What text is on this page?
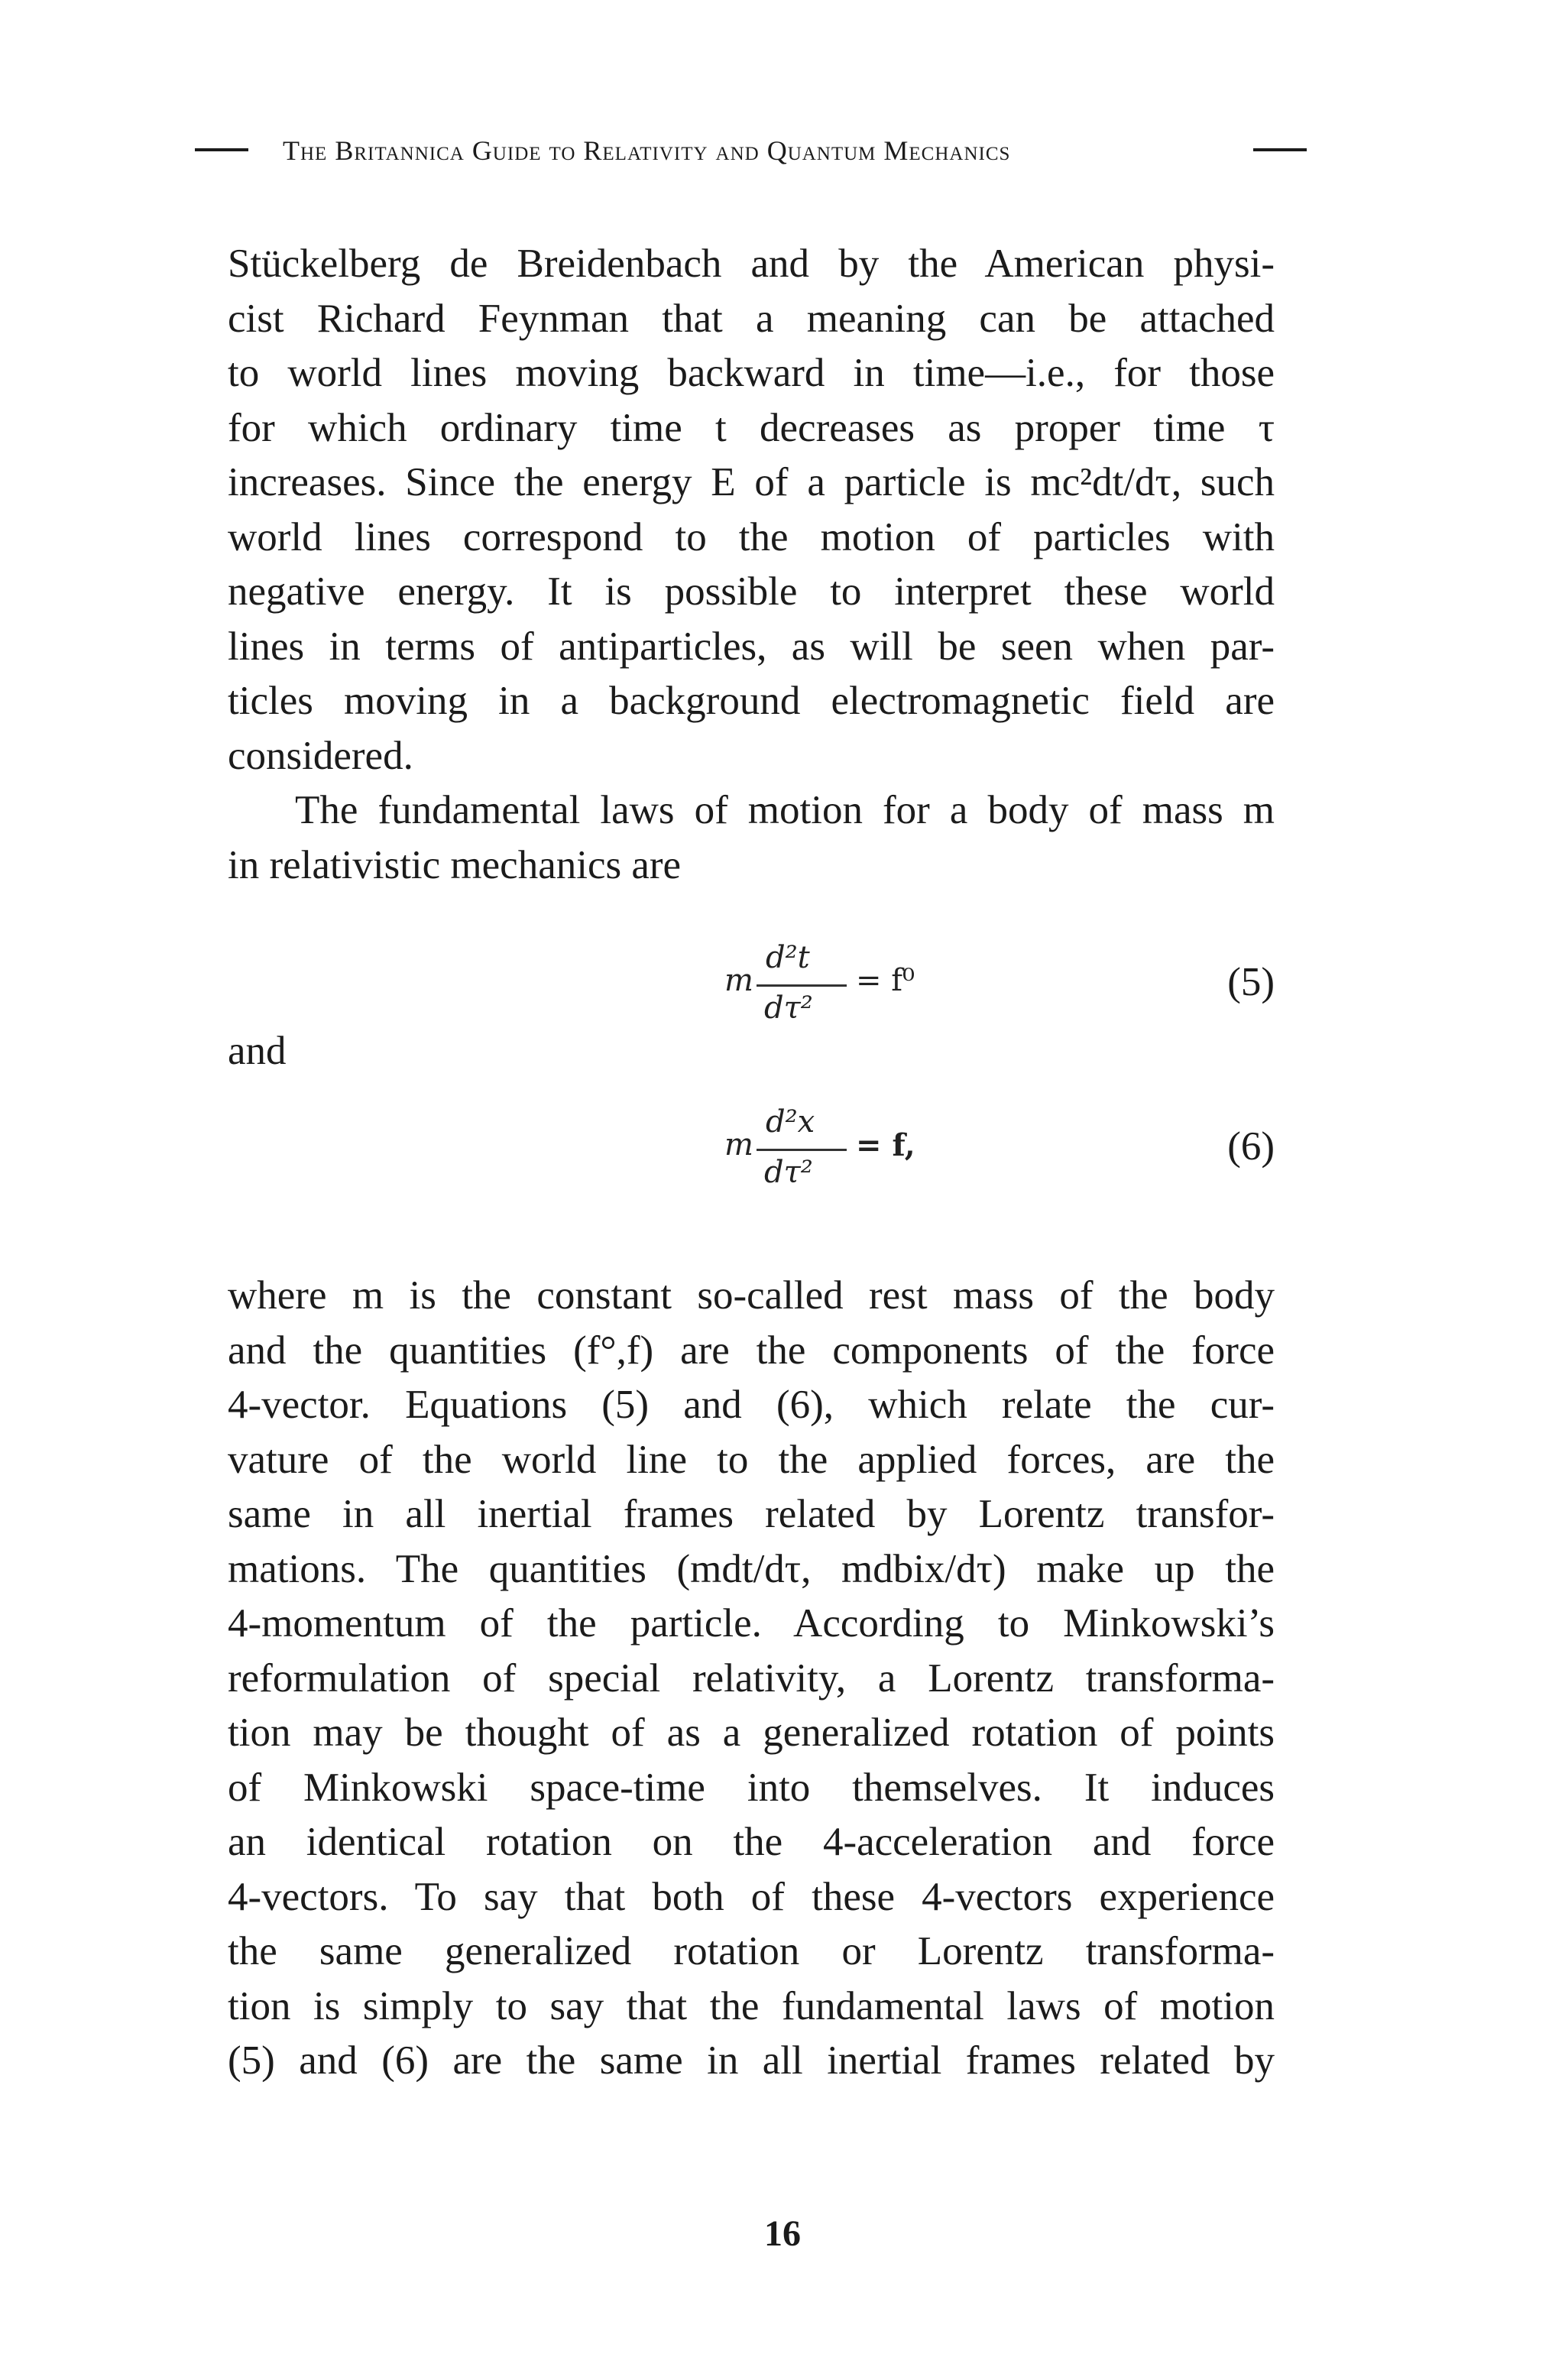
The Britannica Guide to Relativity and Quantum Mechanics

Stückelberg de Breidenbach and by the American physi-
cist Richard Feynman that a meaning can be attached
to world lines moving backward in time—i.e., for those
for which ordinary time t decreases as proper time τ
increases. Since the energy E of a particle is mc²dt/dτ, such
world lines correspond to the motion of particles with
negative energy. It is possible to interpret these world
lines in terms of antiparticles, as will be seen when par-
ticles moving in a background electromagnetic field are
considered.

The fundamental laws of motion for a body of mass m
in relativistic mechanics are

m
d²t
dτ²
= f⁰	(5)
and
m
d²x
dτ²
= f,	(6)

where m is the constant so-called rest mass of the body
and the quantities (f°,f) are the components of the force
4-vector. Equations (5) and (6), which relate the cur-
vature of the world line to the applied forces, are the
same in all inertial frames related by Lorentz transfor-
mations. The quantities (mdt/dτ, mdbix/dτ) make up the
4-momentum of the particle. According to Minkowski’s
reformulation of special relativity, a Lorentz transforma-
tion may be thought of as a generalized rotation of points
of Minkowski space-time into themselves. It induces
an identical rotation on the 4-acceleration and force
4-vectors. To say that both of these 4-vectors experience
the same generalized rotation or Lorentz transforma-
tion is simply to say that the fundamental laws of motion
(5) and (6) are the same in all inertial frames related by

16
